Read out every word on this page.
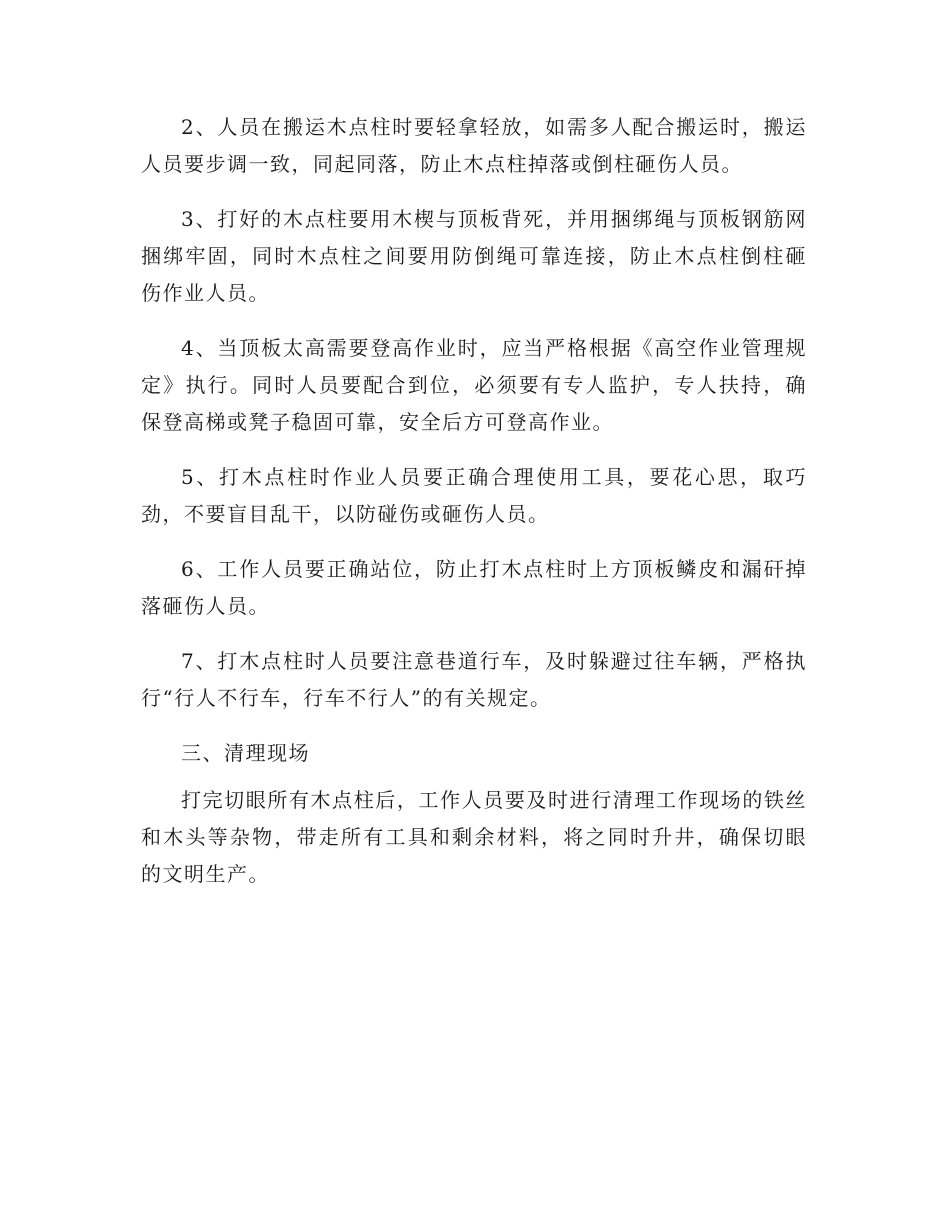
2、人员在搬运木点柱时要轻拿轻放，如需多人配合搬运时，搬运人员要步调一致，同起同落，防止木点柱掉落或倒柱砸伤人员。

3、打好的木点柱要用木楔与顶板背死，并用捆绑绳与顶板钢筋网捆绑牢固，同时木点柱之间要用防倒绳可靠连接，防止木点柱倒柱砸伤作业人员。

4、当顶板太高需要登高作业时，应当严格根据《高空作业管理规定》执行。同时人员要配合到位，必须要有专人监护，专人扶持，确保登高梯或凳子稳固可靠，安全后方可登高作业。

5、打木点柱时作业人员要正确合理使用工具，要花心思，取巧劲，不要盲目乱干，以防碰伤或砸伤人员。

6、工作人员要正确站位，防止打木点柱时上方顶板鳞皮和漏矸掉落砸伤人员。

7、打木点柱时人员要注意巷道行车，及时躲避过往车辆，严格执行“行人不行车，行车不行人”的有关规定。

三、清理现场

打完切眼所有木点柱后，工作人员要及时进行清理工作现场的铁丝和木头等杂物，带走所有工具和剩余材料，将之同时升井，确保切眼的文明生产。
